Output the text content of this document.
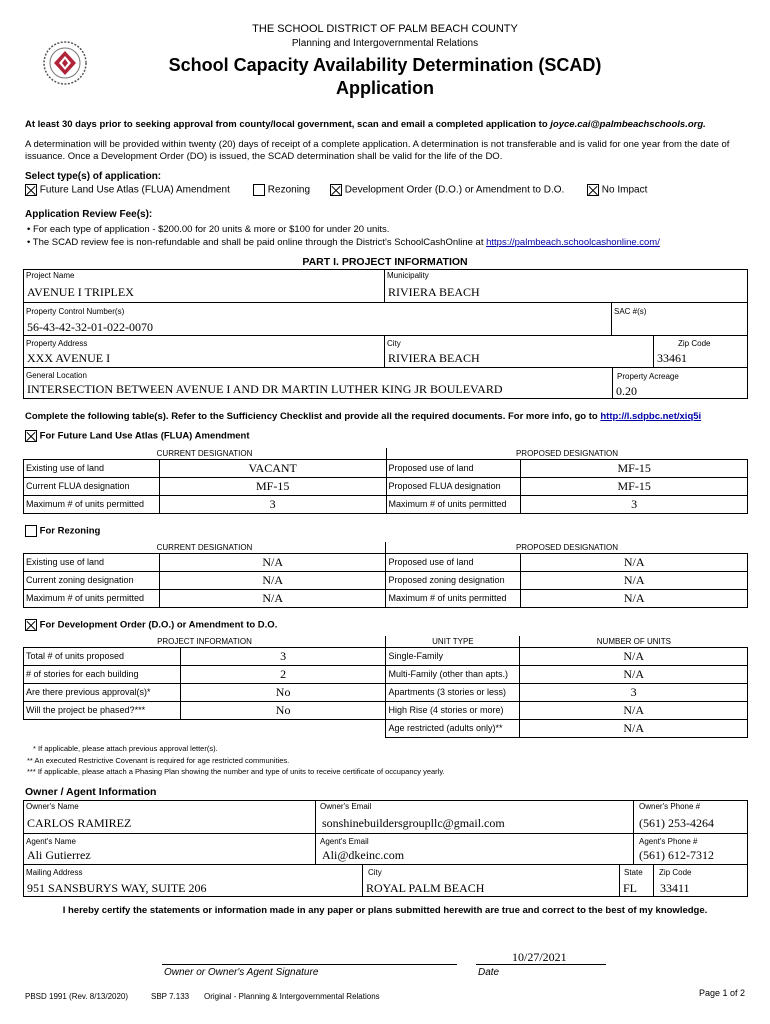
THE SCHOOL DISTRICT OF PALM BEACH COUNTY
Planning and Intergovernmental Relations
School Capacity Availability Determination (SCAD)
Application
At least 30 days prior to seeking approval from county/local government, scan and email a completed application to joyce.cai@palmbeachschools.org.
A determination will be provided within twenty (20) days of receipt of a complete application. A determination is not transferable and is valid for one year from the date of issuance. Once a Development Order (DO) is issued, the SCAD determination shall be valid for the life of the DO.
Select type(s) of application:
Future Land Use Atlas (FLUA) Amendment	Rezoning	Development Order (D.O.) or Amendment to D.O.	No Impact
Application Review Fee(s):
• For each type of application - $200.00 for 20 units & more or $100 for under 20 units.
• The SCAD review fee is non-refundable and shall be paid online through the District's SchoolCashOnline at https://palmbeach.schoolcashonline.com/
PART I. PROJECT INFORMATION
Project Name
AVENUE I TRIPLEX
Municipality
RIVIERA BEACH
Property Control Number(s)
56-43-42-32-01-022-0070
SAC #(s)
Property Address
XXX AVENUE I
City
RIVIERA BEACH
Zip Code
33461
General Location
INTERSECTION BETWEEN AVENUE I AND DR MARTIN LUTHER KING JR BOULEVARD
Property Acreage
0.20
Complete the following table(s). Refer to the Sufficiency Checklist and provide all the required documents. For more info, go to http://l.sdpbc.net/xiq5i
For Future Land Use Atlas (FLUA) Amendment
CURRENT DESIGNATION		PROPOSED DESIGNATION	
Existing use of land	VACANT	Proposed use of land	MF-15
Current FLUA designation	MF-15	Proposed FLUA designation	MF-15
Maximum # of units permitted	3	Maximum # of units permitted	3
For Rezoning
CURRENT DESIGNATION		PROPOSED DESIGNATION	
Existing use of land	N/A	Proposed use of land	N/A
Current zoning designation	N/A	Proposed zoning designation	N/A
Maximum # of units permitted	N/A	Maximum # of units permitted	N/A
For Development Order (D.O.) or Amendment to D.O.
PROJECT INFORMATION		UNIT TYPE	NUMBER OF UNITS
Total # of units proposed	3	Single-Family	N/A
# of stories for each building	2	Multi-Family (other than apts.)	N/A
Are there previous approval(s)*	No	Apartments (3 stories or less)	3
Will the project be phased?***	No	High Rise (4 stories or more)	N/A
		Age restricted (adults only)**	N/A
* If applicable, please attach previous approval letter(s).
** An executed Restrictive Covenant is required for age restricted communities.
*** If applicable, please attach a Phasing Plan showing the number and type of units to receive certificate of occupancy yearly.
Owner / Agent Information
Owner's Name
CARLOS RAMIREZ
Owner's Email
sonshinebuildersgroupllc@gmail.com
Owner's Phone #
(561) 253-4264
Agent's Name
Ali Gutierrez
Agent's Email
Ali@dkeinc.com
Agent's Phone #
(561) 612-7312
Mailing Address
951 SANSBURYS WAY, SUITE 206
City
ROYAL PALM BEACH
State
FL
Zip Code
33411
I hereby certify the statements or information made in any paper or plans submitted herewith are true and correct to the best of my knowledge.
Owner or Owner's Agent Signature
10/27/2021
Date
PBSD 1991 (Rev. 8/13/2020)	SBP 7.133 Original - Planning & Intergovernmental Relations	Page 1 of 2
